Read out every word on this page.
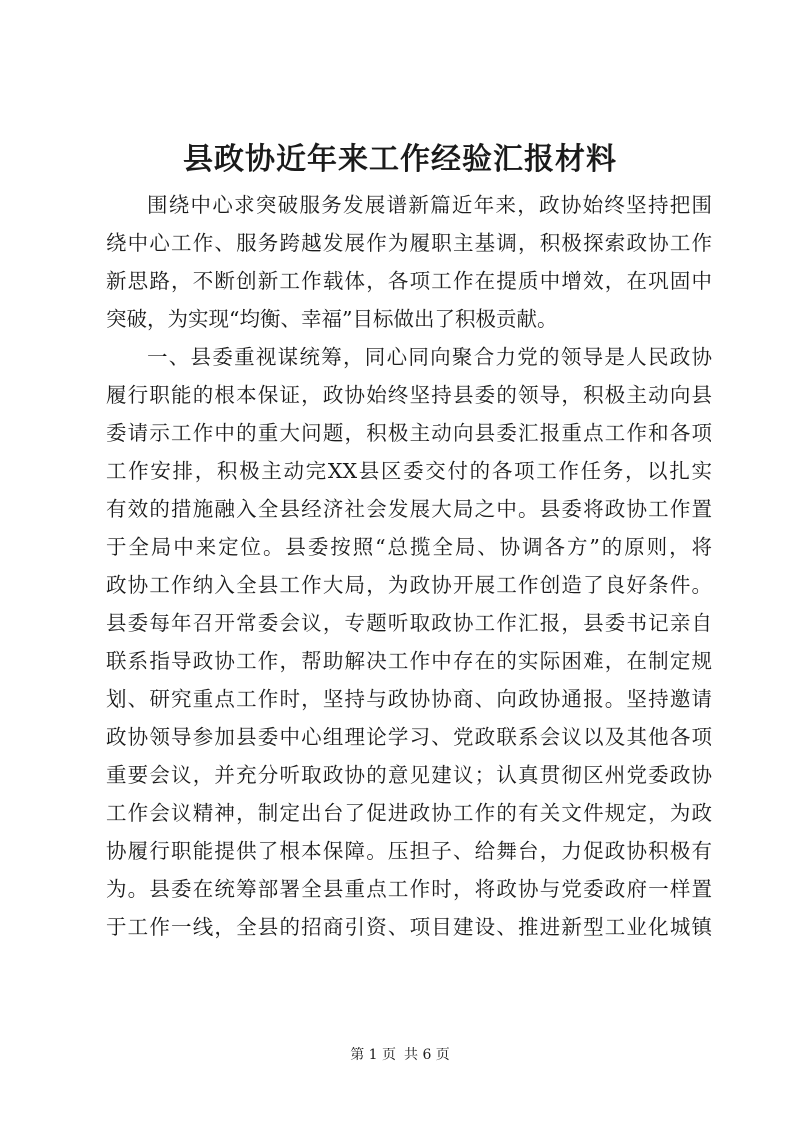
县政协近年来工作经验汇报材料
围绕中心求突破服务发展谱新篇近年来，政协始终坚持把围
绕中心工作、服务跨越发展作为履职主基调，积极探索政协工作
新思路，不断创新工作载体，各项工作在提质中增效，在巩固中
突破，为实现“均衡、幸福”目标做出了积极贡献。
一、县委重视谋统筹，同心同向聚合力党的领导是人民政协
履行职能的根本保证，政协始终坚持县委的领导，积极主动向县
委请示工作中的重大问题，积极主动向县委汇报重点工作和各项
工作安排，积极主动完XX县区委交付的各项工作任务，以扎实
有效的措施融入全县经济社会发展大局之中。县委将政协工作置
于全局中来定位。县委按照“总揽全局、协调各方”的原则，将
政协工作纳入全县工作大局，为政协开展工作创造了良好条件。
县委每年召开常委会议，专题听取政协工作汇报，县委书记亲自
联系指导政协工作，帮助解决工作中存在的实际困难，在制定规
划、研究重点工作时，坚持与政协协商、向政协通报。坚持邀请
政协领导参加县委中心组理论学习、党政联系会议以及其他各项
重要会议，并充分听取政协的意见建议；认真贯彻区州党委政协
工作会议精神，制定出台了促进政协工作的有关文件规定，为政
协履行职能提供了根本保障。压担子、给舞台，力促政协积极有
为。县委在统筹部署全县重点工作时，将政协与党委政府一样置
于工作一线，全县的招商引资、项目建设、推进新型工业化城镇
第 1 页 共 6 页
